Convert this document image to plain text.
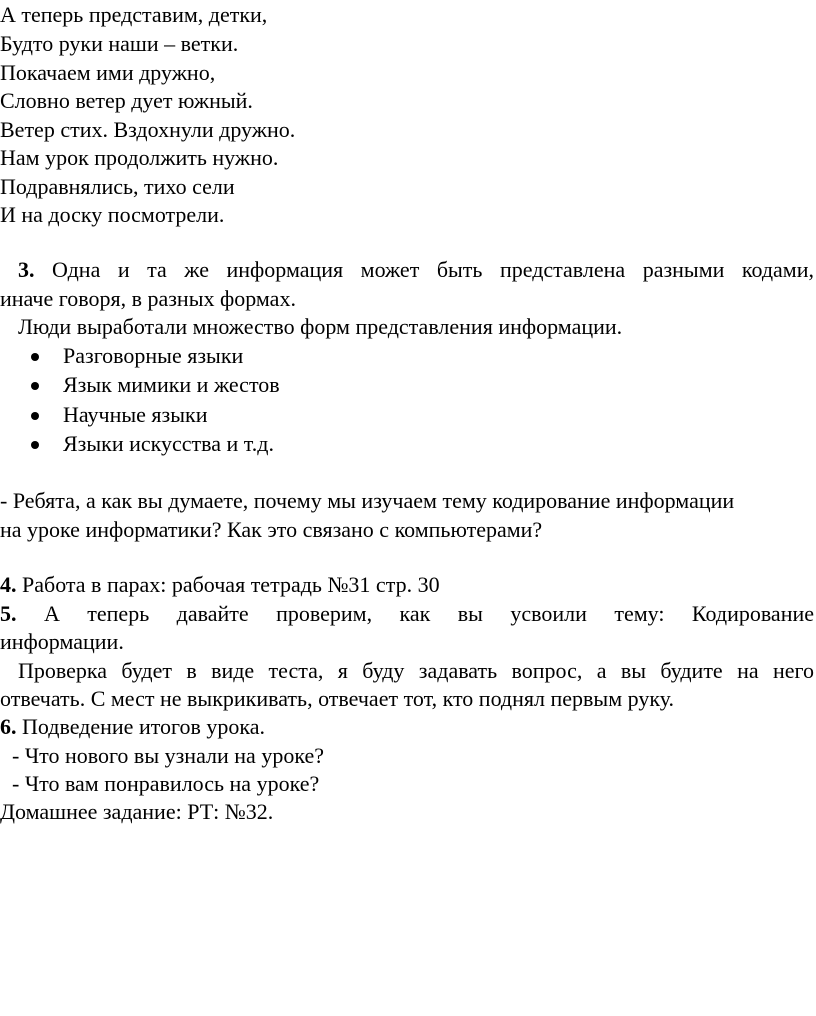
А теперь представим, детки,
Будто руки наши – ветки.
Покачаем ими дружно,
Словно ветер дует южный.
Ветер стих. Вздохнули дружно.
Нам урок продолжить нужно.
Подравнялись, тихо сели
И на доску посмотрели.
3. Одна и та же информация может быть представлена разными кодами,
иначе говоря, в разных формах.
Люди выработали множество форм представления информации.
Разговорные языки
Язык мимики и жестов
Научные языки
Языки искусства и т.д.
- Ребята, а как вы думаете, почему мы изучаем тему кодирование информации
на уроке информатики? Как это связано с компьютерами?
4. Работа в парах: рабочая тетрадь №31 стр. 30
5. А теперь давайте проверим, как вы усвоили тему: Кодирование
информации.
Проверка будет в виде теста, я буду задавать вопрос, а вы будите на него
отвечать. С мест не выкрикивать, отвечает тот, кто поднял первым руку.
6. Подведение итогов урока.
- Что нового вы узнали на уроке?
- Что вам понравилось на уроке?
Домашнее задание: РТ: №32.
